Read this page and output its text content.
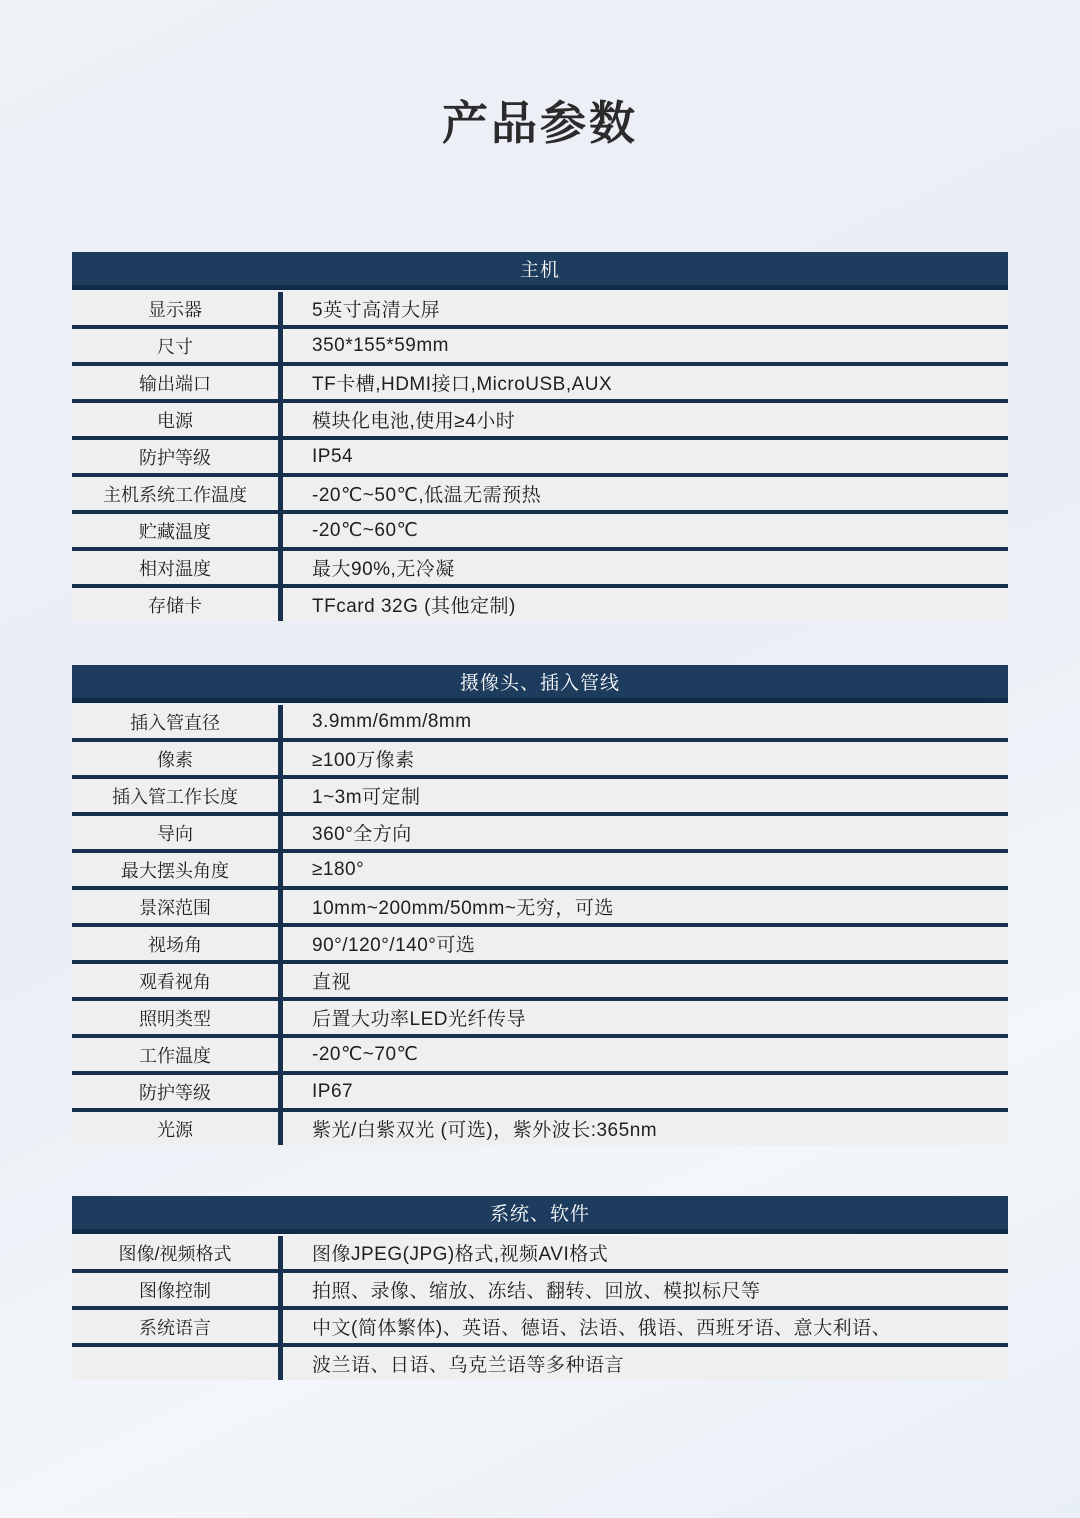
产品参数
主机
显示器	5英寸高清大屏
尺寸	350*155*59mm
输出端口	TF卡槽,HDMI接口,MicroUSB,AUX
电源	模块化电池,使用≥4小时
防护等级	IP54
主机系统工作温度	-20℃~50℃,低温无需预热
贮藏温度	-20℃~60℃
相对温度	最大90%,无冷凝
存储卡	TFcard 32G (其他定制)
摄像头、插入管线
插入管直径	3.9mm/6mm/8mm
像素	≥100万像素
插入管工作长度	1~3m可定制
导向	360°全方向
最大摆头角度	≥180°
景深范围	10mm~200mm/50mm~无穷，可选
视场角	90°/120°/140°可选
观看视角	直视
照明类型	后置大功率LED光纤传导
工作温度	-20℃~70℃
防护等级	IP67
光源	紫光/白紫双光 (可选)，紫外波长:365nm
系统、软件
图像/视频格式	图像JPEG(JPG)格式,视频AVI格式
图像控制	拍照、录像、缩放、冻结、翻转、回放、模拟标尺等
系统语言	中文(简体繁体)、英语、德语、法语、俄语、西班牙语、意大利语、
波兰语、日语、乌克兰语等多种语言
